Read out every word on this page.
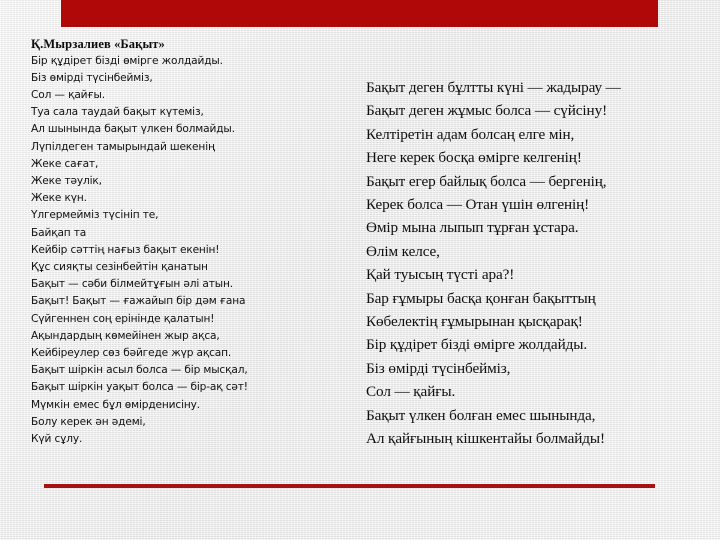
Қ.Мырзалиев «Бақыт»
Бір құдірет бізді өмірге жолдайды.
Біз өмірді түсінбейміз,
Сол — қайғы.
Туа сала таудай бақыт күтеміз,
Ал шынында бақыт үлкен болмайды.
Лүпілдеген тамырындай шекенің
Жеке сағат,
Жеке тәулік,
Жеке күн.
Үлгермейміз түсініп те,
Байқап та
Кейбір сәттің нағыз бақыт екенін!
Құс сияқты сезінбейтін қанатын
Бақыт — сәби білмейтұғын әлі атын.
Бақыт! Бақыт — ғажайып бір дәм ғана
Сүйгеннен соң ерінінде қалатын!
Ақындардың көмейінен жыр ақса,
Кейбіреулер сөз бәйгеде жүр ақсап.
Бақыт шіркін асыл болса — бір мысқал,
Бақыт шіркін уақыт болса — бір-ақ сәт!
Мүмкін емес бұл өмірденисіну.
Болу керек ән әдемі,
Күй сұлу.
Бақыт деген бұлтты күні — жадырау —
Бақыт деген жұмыс болса — сүйсіну!
Келтіретін адам болсаң елге мін,
Неге керек босқа өмірге келгенің!
Бақыт егер байлық болса — бергенің,
Керек болса — Отан үшін өлгенің!
Өмір мына лыпып тұрған ұстара.
Өлім келсе,
Қай туысың түсті ара?!
Бар ғұмыры басқа қонған бақыттың
Көбелектің ғұмырынан қысқарақ!
Бір құдірет бізді өмірге жолдайды.
Біз өмірді түсінбейміз,
Сол — қайғы.
Бақыт үлкен болған емес шынында,
Ал қайғының кішкентайы болмайды!
